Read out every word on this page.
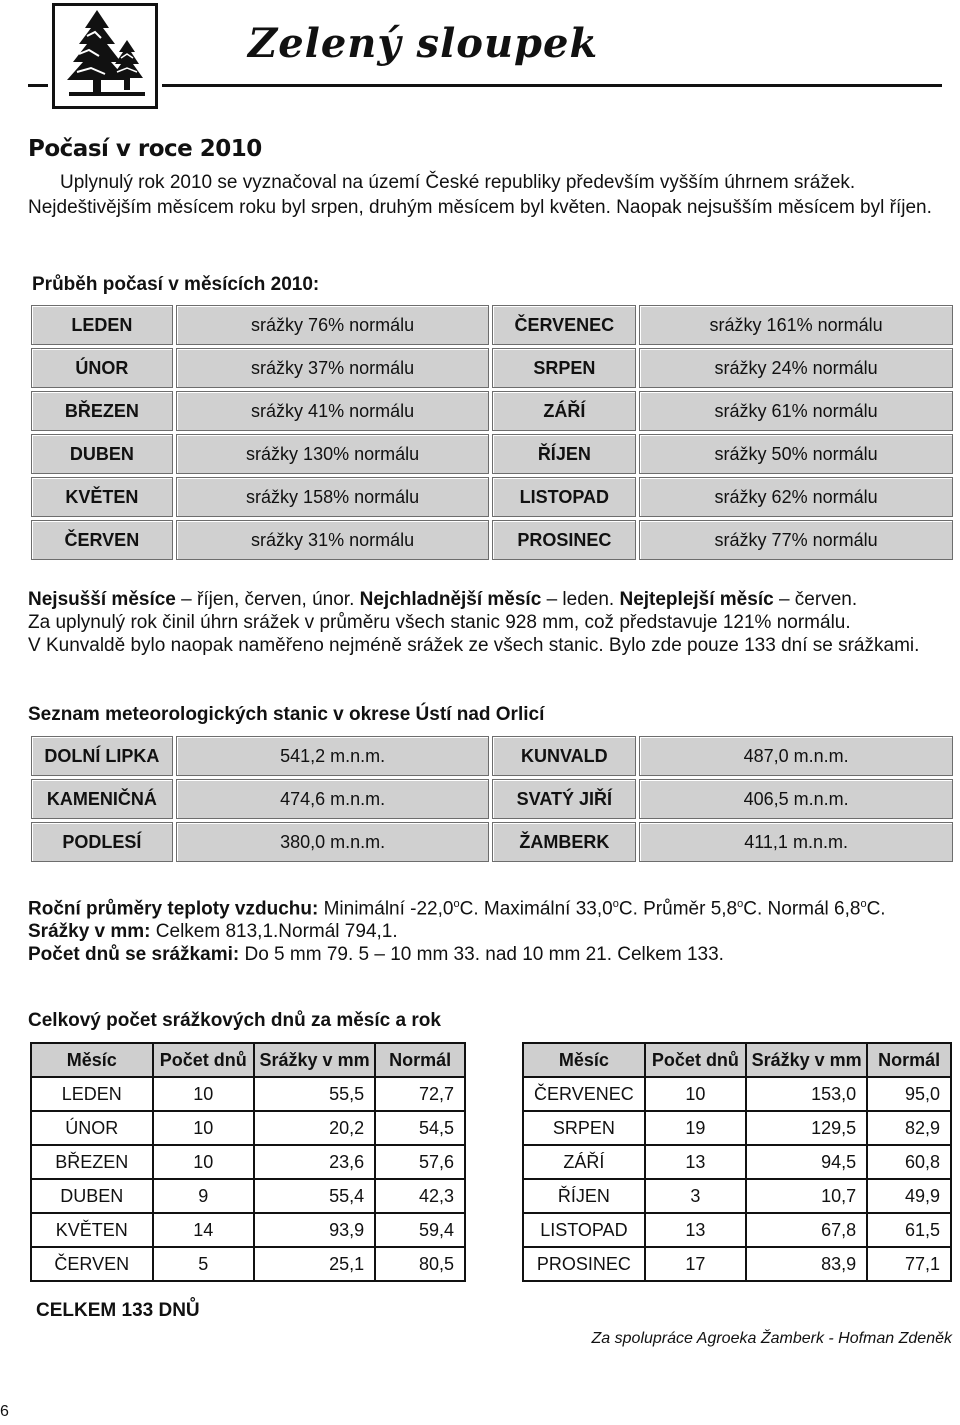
Zelený sloupek
Počasí v roce 2010
Uplynulý rok 2010 se vyznačoval na území České republiky především vyšším úhrnem srážek. Nejdeštivějším měsícem roku byl srpen, druhým měsícem byl květen. Naopak nejsušším měsícem byl říjen.
Průběh počasí v měsících 2010:
LEDEN	srážky 76% normálu	ČERVENEC	srážky 161% normálu
ÚNOR	srážky 37% normálu	SRPEN	srážky 24% normálu
BŘEZEN	srážky 41% normálu	ZÁŘÍ	srážky 61% normálu
DUBEN	srážky 130% normálu	ŘÍJEN	srážky 50% normálu
KVĚTEN	srážky 158% normálu	LISTOPAD	srážky 62% normálu
ČERVEN	srážky 31% normálu	PROSINEC	srážky 77% normálu
Nejsušší měsíce – říjen, červen, únor. Nejchladnější měsíc – leden. Nejteplejší měsíc – červen.
Za uplynulý rok činil úhrn srážek v průměru všech stanic 928 mm, což představuje 121% normálu.
V Kunvaldě bylo naopak naměřeno nejméně srážek ze všech stanic. Bylo zde pouze 133 dní se srážkami.
Seznam meteorologických stanic v okrese Ústí nad Orlicí
DOLNÍ LIPKA	541,2 m.n.m.	KUNVALD	487,0 m.n.m.
KAMENIČNÁ	474,6 m.n.m.	SVATÝ JIŘÍ	406,5 m.n.m.
PODLESÍ	380,0 m.n.m.	ŽAMBERK	411,1 m.n.m.
Roční průměry teploty vzduchu: Minimální -22,0$^o$C. Maximální 33,0$^o$C. Průměr 5,8$^o$C. Normál 6,8$^o$C.
Srážky v mm: Celkem 813,1.Normál 794,1.
Počet dnů se srážkami: Do 5 mm 79. 5 – 10 mm 33. nad 10 mm 21. Celkem 133.
Celkový počet srážkových dnů za měsíc a rok
Měsíc	Počet dnů	Srážky v mm	Normál
LEDEN	10	55,5	72,7
ÚNOR	10	20,2	54,5
BŘEZEN	10	23,6	57,6
DUBEN	9	55,4	42,3
KVĚTEN	14	93,9	59,4
ČERVEN	5	25,1	80,5
Měsíc	Počet dnů	Srážky v mm	Normál
ČERVENEC	10	153,0	95,0
SRPEN	19	129,5	82,9
ZÁŘÍ	13	94,5	60,8
ŘÍJEN	3	10,7	49,9
LISTOPAD	13	67,8	61,5
PROSINEC	17	83,9	77,1
CELKEM 133 DNŮ
Za spolupráce Agroeka Žamberk - Hofman Zdeněk
6
